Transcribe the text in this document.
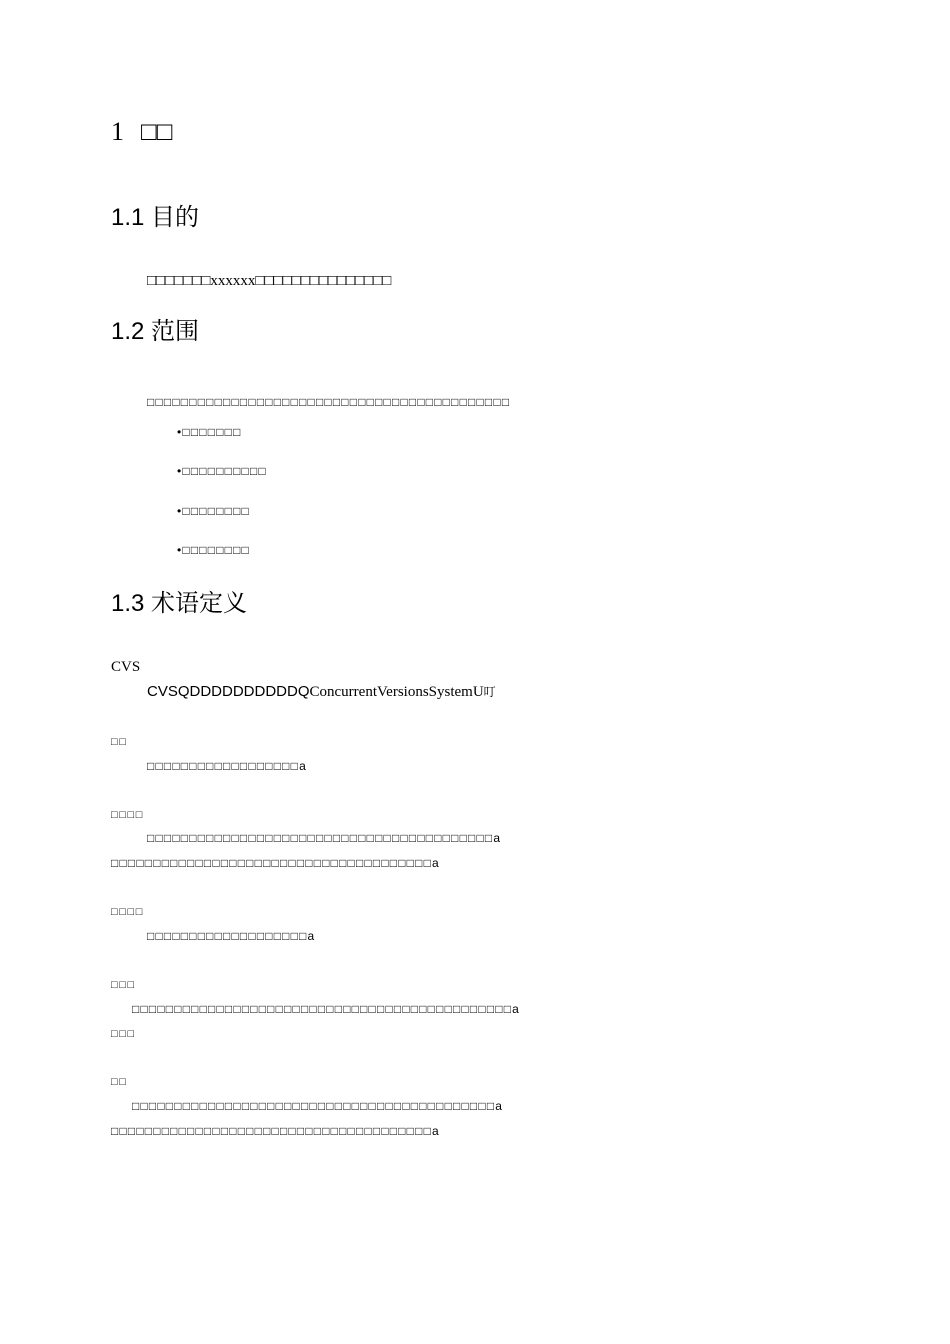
1 □□
1.1 目的
□□□□□□□xxxxxx□□□□□□□□□□□□□□□
1.2 范围
□□□□□□□□□□□□□□□□□□□□□□□□□□□□□□□□□□□□□□□□□□□
•□□□□□□□
•□□□□□□□□□□
•□□□□□□□□
•□□□□□□□□
1.3 术语定义
CVS
CVSQDDDDDDDDDDQConcurrentVersionsSystemU叮
□□
□□□□□□□□□□□□□□□□□□a
□□□□
□□□□□□□□□□□□□□□□□□□□□□□□□□□□□□□□□□□□□□□□□a
□□□□□□□□□□□□□□□□□□□□□□□□□□□□□□□□□□□□□□a
□□□□
□□□□□□□□□□□□□□□□□□□a
□□□
□□□□□□□□□□□□□□□□□□□□□□□□□□□□□□□□□□□□□□□□□□□□□a
□□□
□□
□□□□□□□□□□□□□□□□□□□□□□□□□□□□□□□□□□□□□□□□□□□a
□□□□□□□□□□□□□□□□□□□□□□□□□□□□□□□□□□□□□□a
